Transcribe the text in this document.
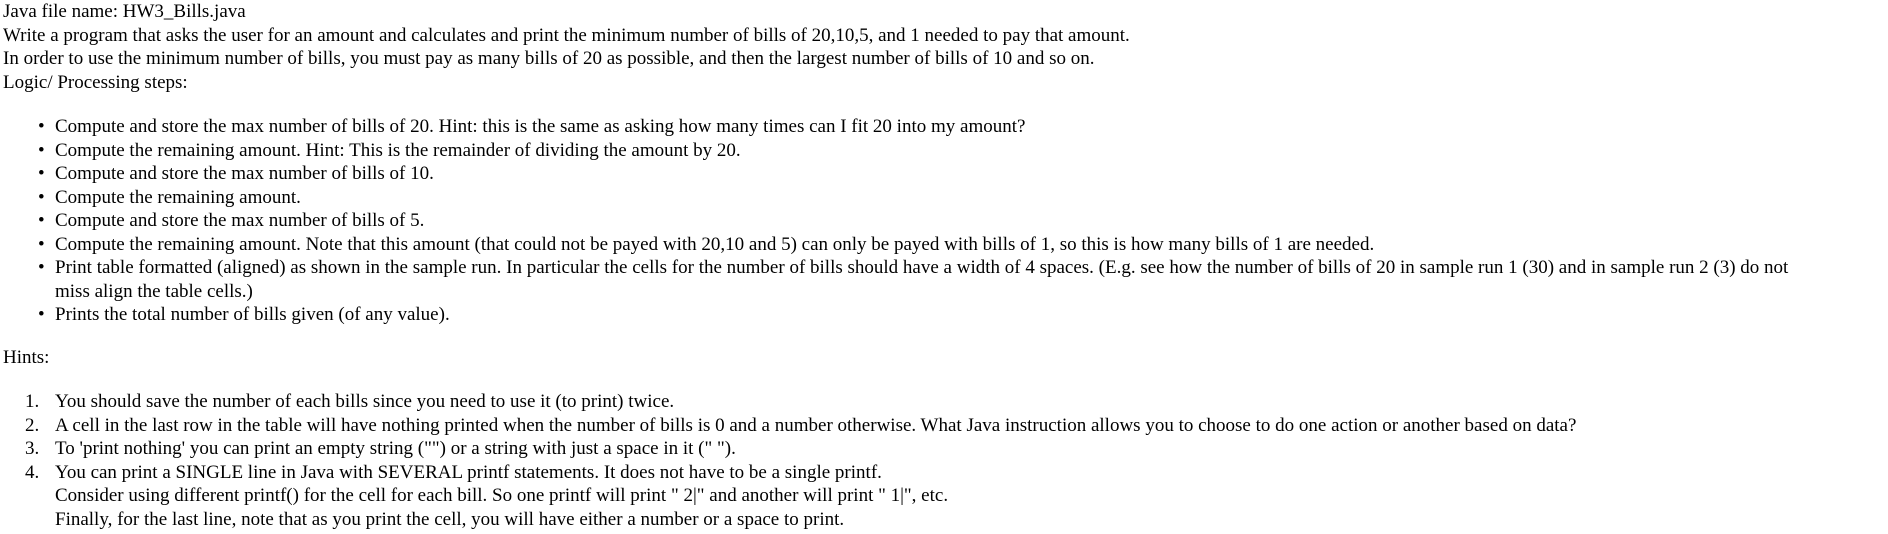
Java file name: HW3_Bills.java
Write a program that asks the user for an amount and calculates and print the minimum number of bills of 20,10,5, and 1 needed to pay that amount.
In order to use the minimum number of bills, you must pay as many bills of 20 as possible, and then the largest number of bills of 10 and so on.
Logic/ Processing steps:
• Compute and store the max number of bills of 20. Hint: this is the same as asking how many times can I fit 20 into my amount?
• Compute the remaining amount. Hint: This is the remainder of dividing the amount by 20.
• Compute and store the max number of bills of 10.
• Compute the remaining amount.
• Compute and store the max number of bills of 5.
• Compute the remaining amount. Note that this amount (that could not be payed with 20,10 and 5) can only be payed with bills of 1, so this is how many bills of 1 are needed.
• Print table formatted (aligned) as shown in the sample run. In particular the cells for the number of bills should have a width of 4 spaces. (E.g. see how the number of bills of 20 in sample run 1 (30) and in sample run 2 (3) do not
miss align the table cells.)
• Prints the total number of bills given (of any value).
Hints:
1. You should save the number of each bills since you need to use it (to print) twice.
2. A cell in the last row in the table will have nothing printed when the number of bills is 0 and a number otherwise. What Java instruction allows you to choose to do one action or another based on data?
3. To 'print nothing' you can print an empty string ("") or a string with just a space in it (" ").
4. You can print a SINGLE line in Java with SEVERAL printf statements. It does not have to be a single printf.
Consider using different printf() for the cell for each bill. So one printf will print " 2|" and another will print " 1|", etc.
Finally, for the last line, note that as you print the cell, you will have either a number or a space to print.
